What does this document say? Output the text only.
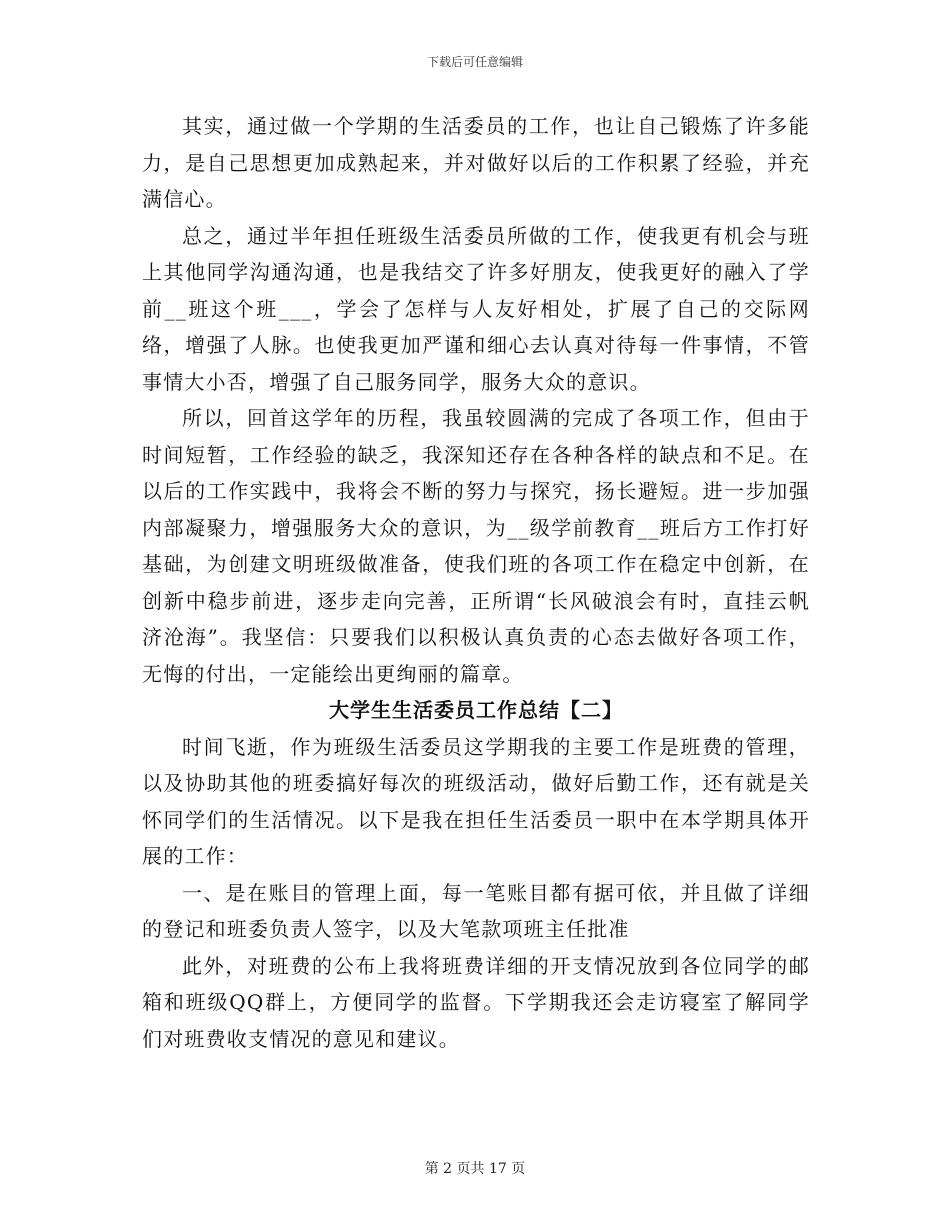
下载后可任意编辑

其实，通过做一个学期的生活委员的工作，也让自己锻炼了许多能力，是自己思想更加成熟起来，并对做好以后的工作积累了经验，并充满信心。

总之，通过半年担任班级生活委员所做的工作，使我更有机会与班上其他同学沟通沟通，也是我结交了许多好朋友，使我更好的融入了学前__班这个班___，学会了怎样与人友好相处，扩展了自己的交际网络，增强了人脉。也使我更加严谨和细心去认真对待每一件事情，不管事情大小否，增强了自己服务同学，服务大众的意识。

所以，回首这学年的历程，我虽较圆满的完成了各项工作，但由于时间短暂，工作经验的缺乏，我深知还存在各种各样的缺点和不足。在以后的工作实践中，我将会不断的努力与探究，扬长避短。进一步加强内部凝聚力，增强服务大众的意识，为__级学前教育__班后方工作打好基础，为创建文明班级做准备，使我们班的各项工作在稳定中创新，在创新中稳步前进，逐步走向完善，正所谓“长风破浪会有时，直挂云帆济沧海”。我坚信：只要我们以积极认真负责的心态去做好各项工作，无悔的付出，一定能绘出更绚丽的篇章。

大学生生活委员工作总结【二】

时间飞逝，作为班级生活委员这学期我的主要工作是班费的管理，以及协助其他的班委搞好每次的班级活动，做好后勤工作，还有就是关怀同学们的生活情况。以下是我在担任生活委员一职中在本学期具体开展的工作：

一、是在账目的管理上面，每一笔账目都有据可依，并且做了详细的登记和班委负责人签字，以及大笔款项班主任批准

此外，对班费的公布上我将班费详细的开支情况放到各位同学的邮箱和班级QQ群上，方便同学的监督。下学期我还会走访寝室了解同学们对班费收支情况的意见和建议。

第 2 页共 17 页
